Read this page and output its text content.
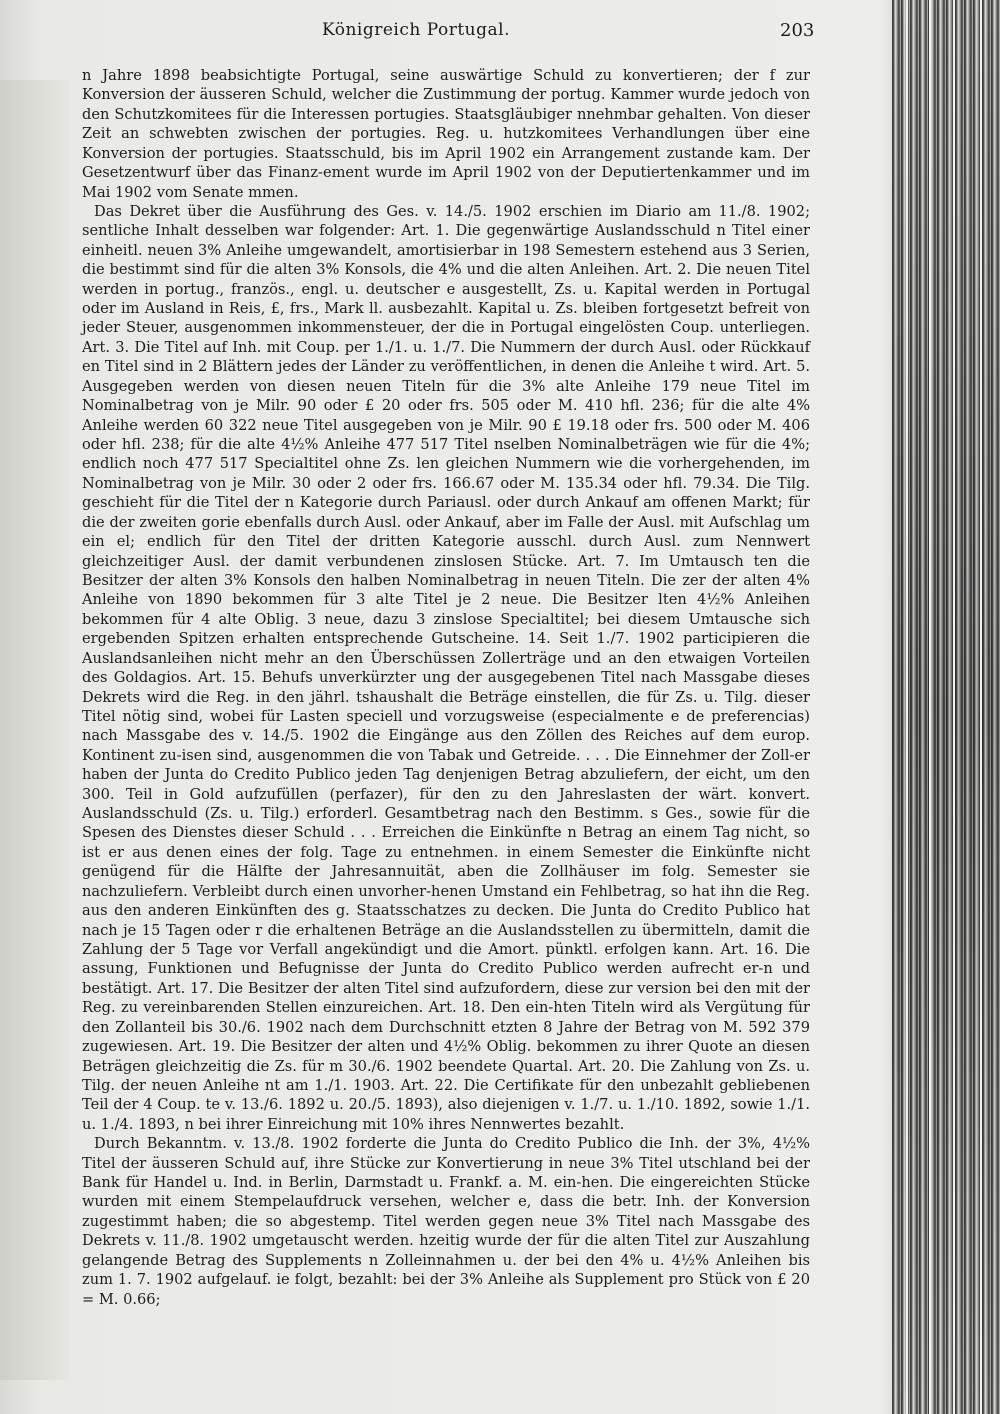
Königreich Portugal.	203

n Jahre 1898 beabsichtigte Portugal, seine auswärtige Schuld zu konvertieren; der f zur Konversion der äusseren Schuld, welcher die Zustimmung der portug. Kammer wurde jedoch von den Schutzkomitees für die Interessen portugies. Staatsgläubiger nnehmbar gehalten. Von dieser Zeit an schwebten zwischen der portugies. Reg. u. hutzkomitees Verhandlungen über eine Konversion der portugies. Staatsschuld, bis im April 1902 ein Arrangement zustande kam. Der Gesetzentwurf über das Finanz-ement wurde im April 1902 von der Deputiertenkammer und im Mai 1902 vom Senate mmen.

Das Dekret über die Ausführung des Ges. v. 14./5. 1902 erschien im Diario am 11./8. 1902; sentliche Inhalt desselben war folgender: Art. 1. Die gegenwärtige Auslandsschuld n Titel einer einheitl. neuen 3% Anleihe umgewandelt, amortisierbar in 198 Semestern estehend aus 3 Serien, die bestimmt sind für die alten 3% Konsols, die 4% und die alten Anleihen. Art. 2. Die neuen Titel werden in portug., französ., engl. u. deutscher e ausgestellt, Zs. u. Kapital werden in Portugal oder im Ausland in Reis, £, frs., Mark ll. ausbezahlt. Kapital u. Zs. bleiben fortgesetzt befreit von jeder Steuer, ausgenommen inkommensteuer, der die in Portugal eingelösten Coup. unterliegen. Art. 3. Die Titel auf Inh. mit Coup. per 1./1. u. 1./7. Die Nummern der durch Ausl. oder Rückkauf en Titel sind in 2 Blättern jedes der Länder zu veröffentlichen, in denen die Anleihe t wird. Art. 5. Ausgegeben werden von diesen neuen Titeln für die 3% alte Anleihe 179 neue Titel im Nominalbetrag von je Milr. 90 oder £ 20 oder frs. 505 oder M. 410 hfl. 236; für die alte 4% Anleihe werden 60 322 neue Titel ausgegeben von je Milr. 90 £ 19.18 oder frs. 500 oder M. 406 oder hfl. 238; für die alte 4½% Anleihe 477 517 Titel nselben Nominalbeträgen wie für die 4%; endlich noch 477 517 Specialtitel ohne Zs. len gleichen Nummern wie die vorhergehenden, im Nominalbetrag von je Milr. 30 oder 2 oder frs. 166.67 oder M. 135.34 oder hfl. 79.34. Die Tilg. geschieht für die Titel der n Kategorie durch Pariausl. oder durch Ankauf am offenen Markt; für die der zweiten gorie ebenfalls durch Ausl. oder Ankauf, aber im Falle der Ausl. mit Aufschlag um ein el; endlich für den Titel der dritten Kategorie ausschl. durch Ausl. zum Nennwert gleichzeitiger Ausl. der damit verbundenen zinslosen Stücke. Art. 7. Im Umtausch ten die Besitzer der alten 3% Konsols den halben Nominalbetrag in neuen Titeln. Die zer der alten 4% Anleihe von 1890 bekommen für 3 alte Titel je 2 neue. Die Besitzer lten 4½% Anleihen bekommen für 4 alte Oblig. 3 neue, dazu 3 zinslose Specialtitel; bei diesem Umtausche sich ergebenden Spitzen erhalten entsprechende Gutscheine. 14. Seit 1./7. 1902 participieren die Auslandsanleihen nicht mehr an den Überschüssen Zollerträge und an den etwaigen Vorteilen des Goldagios. Art. 15. Behufs unverkürzter ung der ausgegebenen Titel nach Massgabe dieses Dekrets wird die Reg. in den jährl. tshaushalt die Beträge einstellen, die für Zs. u. Tilg. dieser Titel nötig sind, wobei für Lasten speciell und vorzugsweise (especialmente e de preferencias) nach Massgabe des v. 14./5. 1902 die Eingänge aus den Zöllen des Reiches auf dem europ. Kontinent zu-isen sind, ausgenommen die von Tabak und Getreide. . . . Die Einnehmer der Zoll-er haben der Junta do Credito Publico jeden Tag denjenigen Betrag abzuliefern, der eicht, um den 300. Teil in Gold aufzufüllen (perfazer), für den zu den Jahreslasten der wärt. konvert. Auslandsschuld (Zs. u. Tilg.) erforderl. Gesamtbetrag nach den Bestimm. s Ges., sowie für die Spesen des Dienstes dieser Schuld . . . Erreichen die Einkünfte n Betrag an einem Tag nicht, so ist er aus denen eines der folg. Tage zu entnehmen. in einem Semester die Einkünfte nicht genügend für die Hälfte der Jahresannuität, aben die Zollhäuser im folg. Semester sie nachzuliefern. Verbleibt durch einen unvorher-henen Umstand ein Fehlbetrag, so hat ihn die Reg. aus den anderen Einkünften des g. Staatsschatzes zu decken. Die Junta do Credito Publico hat nach je 15 Tagen oder r die erhaltenen Beträge an die Auslandsstellen zu übermitteln, damit die Zahlung der 5 Tage vor Verfall angekündigt und die Amort. pünktl. erfolgen kann. Art. 16. Die assung, Funktionen und Befugnisse der Junta do Credito Publico werden aufrecht er-n und bestätigt. Art. 17. Die Besitzer der alten Titel sind aufzufordern, diese zur version bei den mit der Reg. zu vereinbarenden Stellen einzureichen. Art. 18. Den ein-hten Titeln wird als Vergütung für den Zollanteil bis 30./6. 1902 nach dem Durchschnitt etzten 8 Jahre der Betrag von M. 592 379 zugewiesen. Art. 19. Die Besitzer der alten und 4½% Oblig. bekommen zu ihrer Quote an diesen Beträgen gleichzeitig die Zs. für m 30./6. 1902 beendete Quartal. Art. 20. Die Zahlung von Zs. u. Tilg. der neuen Anleihe nt am 1./1. 1903. Art. 22. Die Certifikate für den unbezahlt gebliebenen Teil der 4 Coup. te v. 13./6. 1892 u. 20./5. 1893), also diejenigen v. 1./7. u. 1./10. 1892, sowie 1./1. u. 1./4. 1893, n bei ihrer Einreichung mit 10% ihres Nennwertes bezahlt.

Durch Bekanntm. v. 13./8. 1902 forderte die Junta do Credito Publico die Inh. der 3%, 4½% Titel der äusseren Schuld auf, ihre Stücke zur Konvertierung in neue 3% Titel utschland bei der Bank für Handel u. Ind. in Berlin, Darmstadt u. Frankf. a. M. ein-hen. Die eingereichten Stücke wurden mit einem Stempelaufdruck versehen, welcher e, dass die betr. Inh. der Konversion zugestimmt haben; die so abgestemp. Titel werden gegen neue 3% Titel nach Massgabe des Dekrets v. 11./8. 1902 umgetauscht werden. hzeitig wurde der für die alten Titel zur Auszahlung gelangende Betrag des Supplements n Zolleinnahmen u. der bei den 4% u. 4½% Anleihen bis zum 1. 7. 1902 aufgelauf. ie folgt, bezahlt: bei der 3% Anleihe als Supplement pro Stück von £ 20 = M. 0.66;
